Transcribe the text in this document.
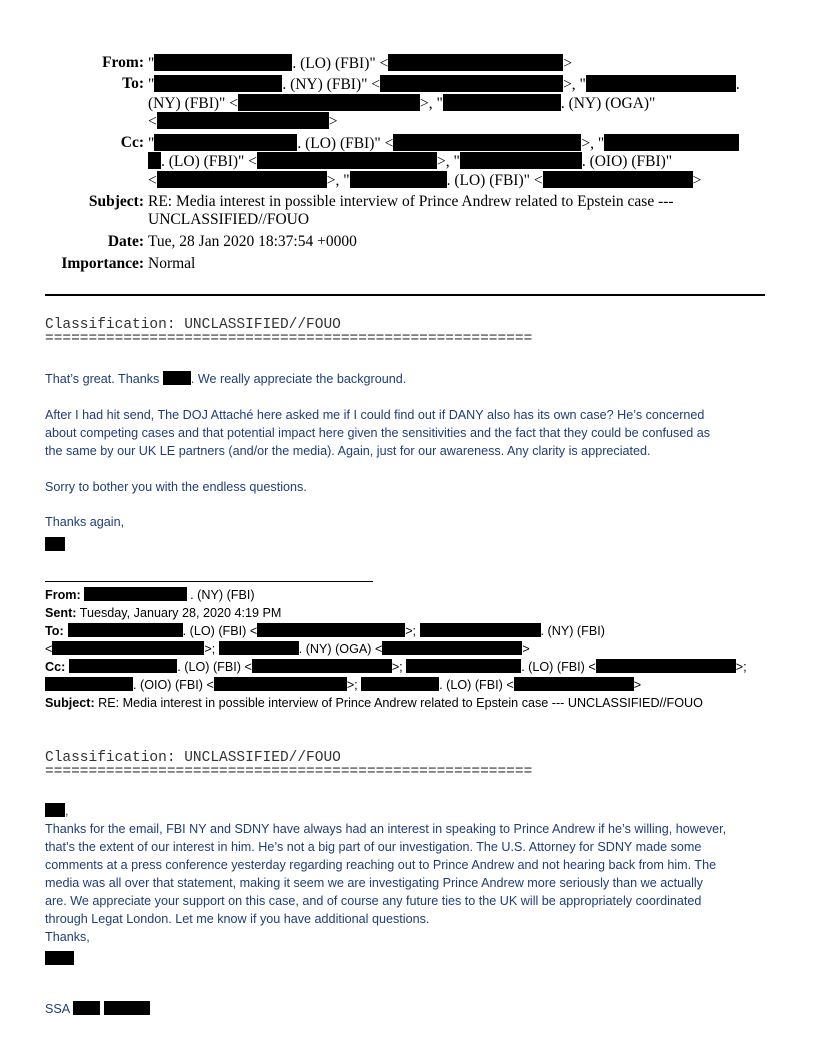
From: "	. (LO) (FBI)" <	>
To: "	. (NY) (FBI)" <	>, "	.
(NY) (FBI)" <	>, "	. (NY) (OGA)"
<	>
Cc: "	. (LO) (FBI)" <	>, "
. (LO) (FBI)" <	>, "	. (OIO) (FBI)"
<	>, "	. (LO) (FBI)" <	>
Subject: RE: Media interest in possible interview of Prince Andrew related to Epstein case ---
UNCLASSIFIED//FOUO
Date: Tue, 28 Jan 2020 18:37:54 +0000
Importance: Normal
Classification: UNCLASSIFIED//FOUO
========================================================
That’s great. Thanks . We really appreciate the background.
After I had hit send, The DOJ Attaché here asked me if I could find out if DANY also has its own case? He’s concerned
about competing cases and that potential impact here given the sensitivities and the fact that they could be confused as
the same by our UK LE partners (and/or the media). Again, just for our awareness. Any clarity is appreciated.
Sorry to bother you with the endless questions.
Thanks again,
From:	. (NY) (FBI)
Sent: Tuesday, January 28, 2020 4:19 PM
To:	. (LO) (FBI) <	>;	. (NY) (FBI)
<	>;	. (NY) (OGA) <	>
Cc:	. (LO) (FBI) <	>;	. (LO) (FBI) <	>;
. (OIO) (FBI) <	>;	. (LO) (FBI) <	>
Subject: RE: Media interest in possible interview of Prince Andrew related to Epstein case --- UNCLASSIFIED//FOUO
Classification: UNCLASSIFIED//FOUO
========================================================
,
Thanks for the email, FBI NY and SDNY have always had an interest in speaking to Prince Andrew if he’s willing, however,
that’s the extent of our interest in him. He’s not a big part of our investigation. The U.S. Attorney for SDNY made some
comments at a press conference yesterday regarding reaching out to Prince Andrew and not hearing back from him. The
media was all over that statement, making it seem we are investigating Prince Andrew more seriously than we actually
are. We appreciate your support on this case, and of course any future ties to the UK will be appropriately coordinated
through Legat London. Let me know if you have additional questions.
Thanks,
SSA
